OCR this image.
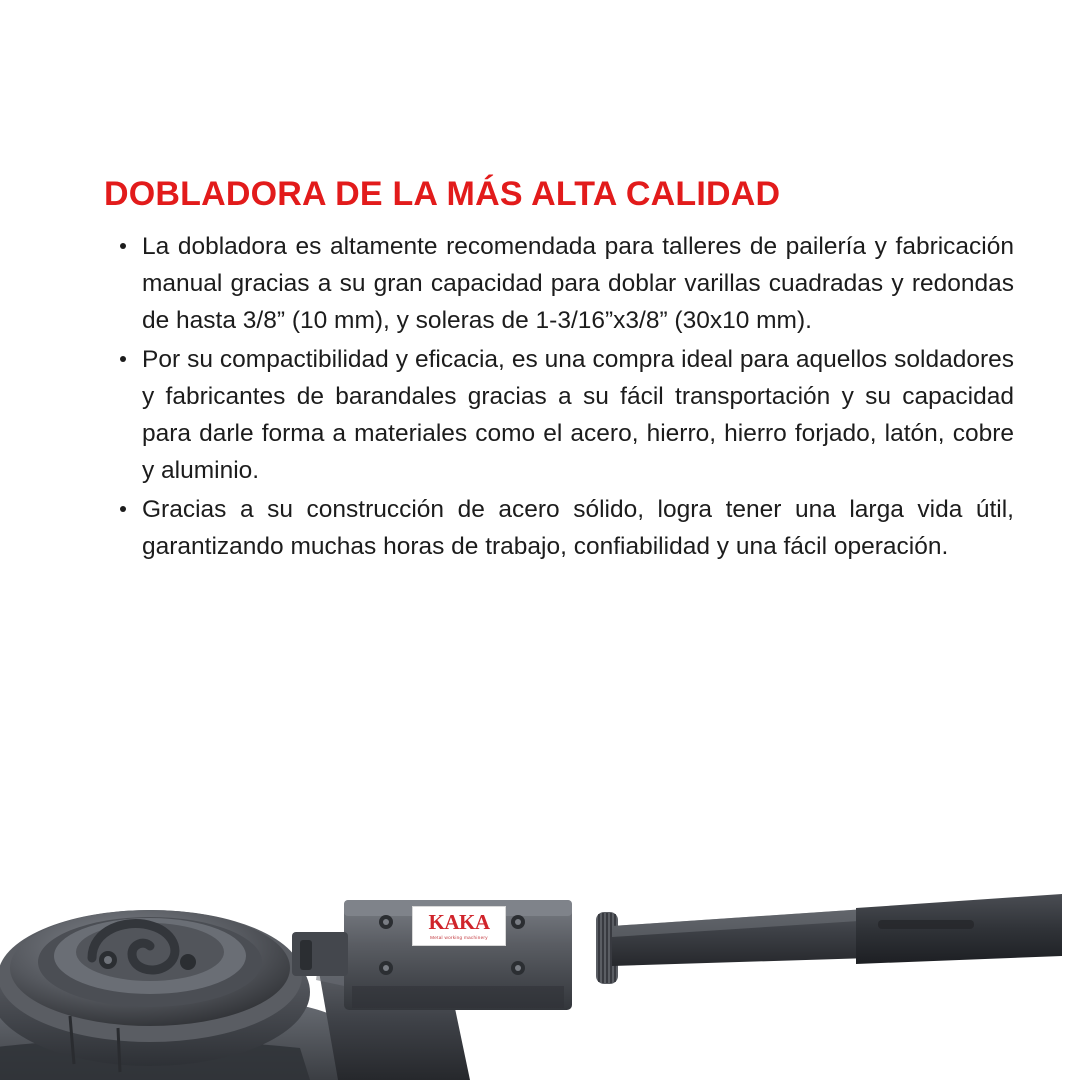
DOBLADORA DE LA MÁS ALTA CALIDAD
La dobladora es altamente recomendada para talleres de pailería y fabricación manual gracias a su gran capacidad para doblar varillas cuadradas y redondas de hasta 3/8” (10 mm), y soleras de 1-3/16”x3/8” (30x10 mm).
Por su compactibilidad y eficacia, es una compra ideal para aquellos soldadores y fabricantes de barandales gracias a su fácil transportación y su capacidad para darle forma a materiales como el acero, hierro, hierro forjado, latón, cobre y aluminio.
Gracias a su construcción de acero sólido, logra tener una larga vida útil, garantizando muchas horas de trabajo, confiabilidad y una fácil operación.
KAKA
Metal working machinery
